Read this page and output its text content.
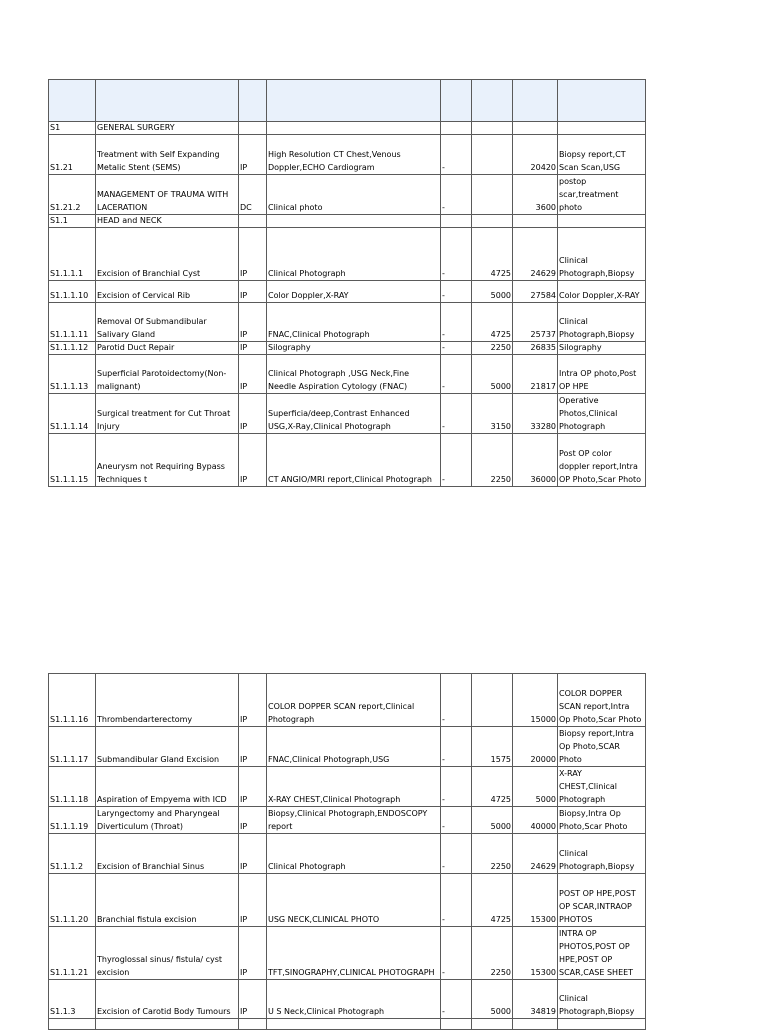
S1	GENERAL SURGERY						
S1.21	Treatment with Self Expanding
Metalic Stent (SEMS)	IP	High Resolution CT Chest,Venous
Doppler,ECHO Cardiogram	-		20420	Biopsy report,CT
Scan Scan,USG
S1.21.2	MANAGEMENT OF TRAUMA WITH
LACERATION	DC	Clinical photo	-		3600	postop
scar,treatment
photo
S1.1	HEAD and NECK						
S1.1.1.1	Excision of Branchial Cyst	IP	Clinical Photograph	-	4725	24629	Clinical
Photograph,Biopsy
S1.1.1.10	Excision of Cervical Rib	IP	Color Doppler,X-RAY	-	5000	27584	Color Doppler,X-RAY
S1.1.1.11	Removal Of Submandibular
Salivary Gland	IP	FNAC,Clinical Photograph	-	4725	25737	Clinical
Photograph,Biopsy
S1.1.1.12	Parotid Duct Repair	IP	Silography	-	2250	26835	Silography
S1.1.1.13	Superficial Parotoidectomy(Non-
malignant)	IP	Clinical Photograph ,USG Neck,Fine
Needle Aspiration Cytology (FNAC)	-	5000	21817	Intra OP photo,Post
OP HPE
S1.1.1.14	Surgical treatment for Cut Throat
Injury	IP	Superficia/deep,Contrast Enhanced
USG,X-Ray,Clinical Photograph	-	3150	33280	Operative
Photos,Clinical
Photograph
S1.1.1.15	Aneurysm not Requiring Bypass
Techniques t	IP	CT ANGIO/MRI report,Clinical Photograph	-	2250	36000	Post OP color
doppler report,Intra
OP Photo,Scar Photo
S1.1.1.16	Thrombendarterectomy	IP	COLOR DOPPER SCAN report,Clinical
Photograph	-		15000	COLOR DOPPER
SCAN report,Intra
Op Photo,Scar Photo
S1.1.1.17	Submandibular Gland Excision	IP	FNAC,Clinical Photograph,USG	-	1575	20000	Biopsy report,Intra
Op Photo,SCAR
Photo
S1.1.1.18	Aspiration of Empyema with ICD	IP	X-RAY CHEST,Clinical Photograph	-	4725	5000	X-RAY
CHEST,Clinical
Photograph
S1.1.1.19	Laryngectomy and Pharyngeal
Diverticulum (Throat)	IP	Biopsy,Clinical Photograph,ENDOSCOPY
report	-	5000	40000	Biopsy,Intra Op
Photo,Scar Photo
S1.1.1.2	Excision of Branchial Sinus	IP	Clinical Photograph	-	2250	24629	Clinical
Photograph,Biopsy
S1.1.1.20	Branchial fistula excision	IP	USG NECK,CLINICAL PHOTO	-	4725	15300	POST OP HPE,POST
OP SCAR,INTRAOP
PHOTOS
S1.1.1.21	Thyroglossal sinus/ fistula/ cyst
excision	IP	TFT,SINOGRAPHY,CLINICAL PHOTOGRAPH	-	2250	15300	INTRA OP
PHOTOS,POST OP
HPE,POST OP
SCAR,CASE SHEET
S1.1.3	Excision of Carotid Body Tumours	IP	U S Neck,Clinical Photograph	-	5000	34819	Clinical
Photograph,Biopsy
